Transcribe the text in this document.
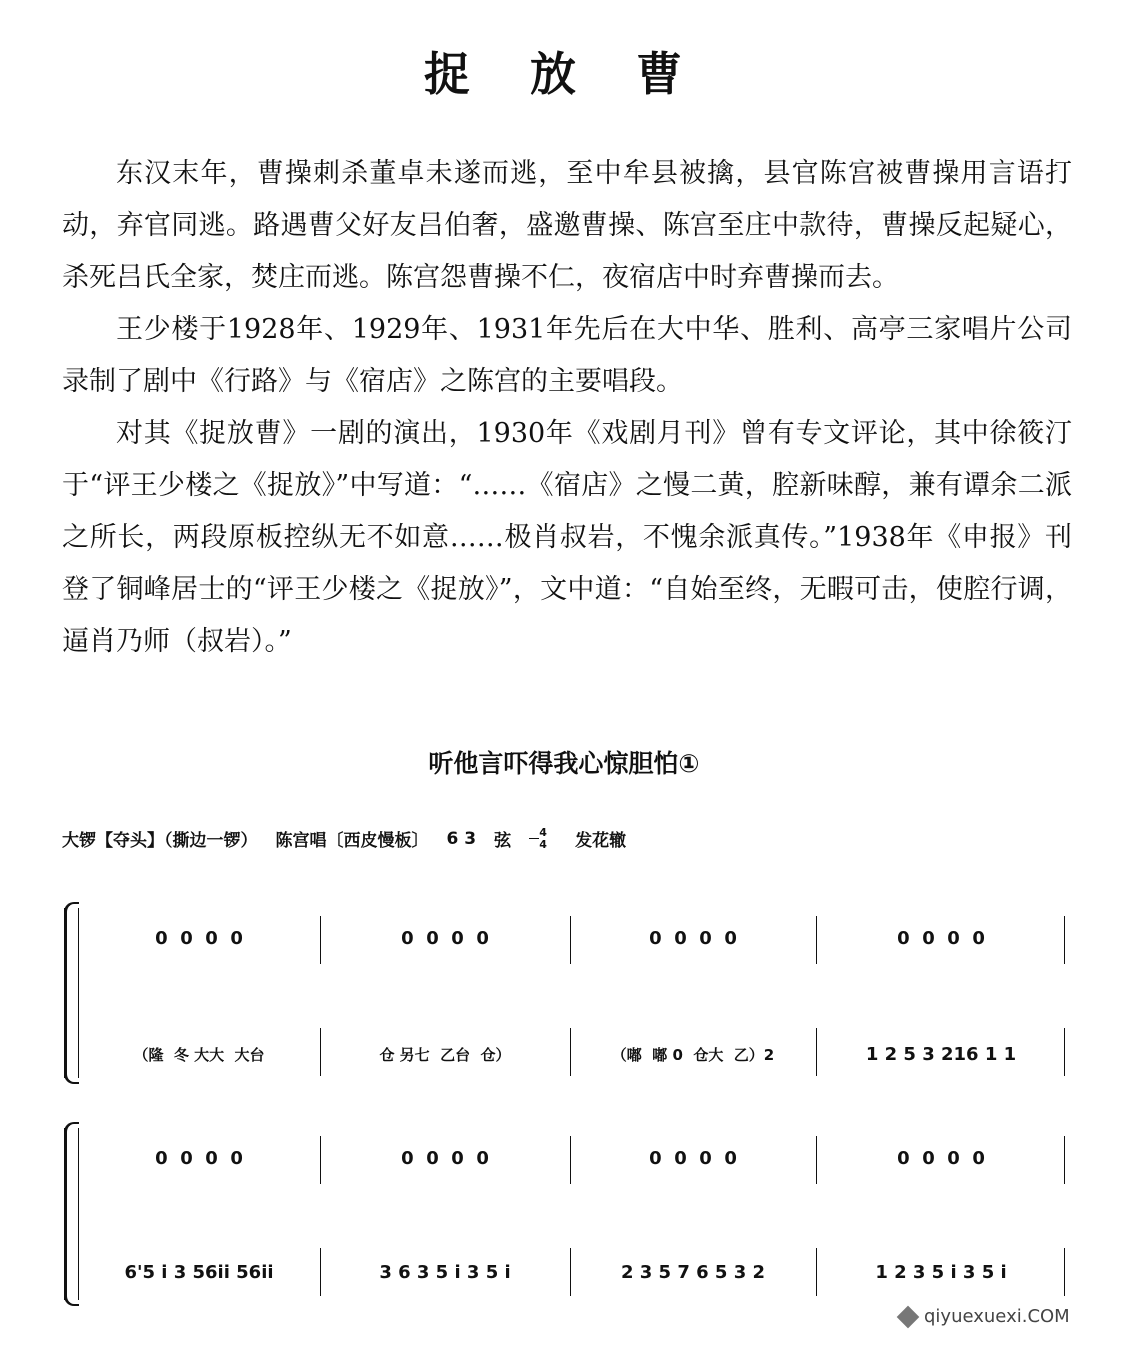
捉 放 曹

东汉末年，曹操刺杀董卓未遂而逃，至中牟县被擒，县官陈宫被曹操用言语打动，弃官同逃。路遇曹父好友吕伯奢，盛邀曹操、陈宫至庄中款待，曹操反起疑心，杀死吕氏全家，焚庄而逃。陈宫怨曹操不仁，夜宿店中时弃曹操而去。

王少楼于1928年、1929年、1931年先后在大中华、胜利、高亭三家唱片公司录制了剧中《行路》与《宿店》之陈宫的主要唱段。

对其《捉放曹》一剧的演出，1930年《戏剧月刊》曾有专文评论，其中徐筱汀于“评王少楼之《捉放》”中写道：“……《宿店》之慢二黄，腔新味醇，兼有谭余二派之所长，两段原板控纵无不如意……极肖叔岩，不愧余派真传。”1938年《申报》刊登了铜峰居士的“评王少楼之《捉放》”，文中道：“自始至终，无暇可击，使腔行调，逼肖乃师（叔岩）。”

听他言吓得我心惊胆怕①
大锣【夺头】（撕边一锣） 陈宫唱〔西皮慢板〕 6 3 弦	4
4 发花辙
0  0  0  0	0  0  0  0	0  0  0  0	0  0  0  0
（隆  冬 大大  大台	仓 另七  乙台  仓）	（嘟  嘟 0  仓大  乙）2	1 2 5 3 216 1 1
0  0  0  0	0  0  0  0	0  0  0  0	0  0  0  0
6'5 i 3 56ii 56ii	3 6 3 5 i 3 5 i	2 3 5 7 6 5 3 2	1 2 3 5 i 3 5 i
qiyuexuexi.COM
